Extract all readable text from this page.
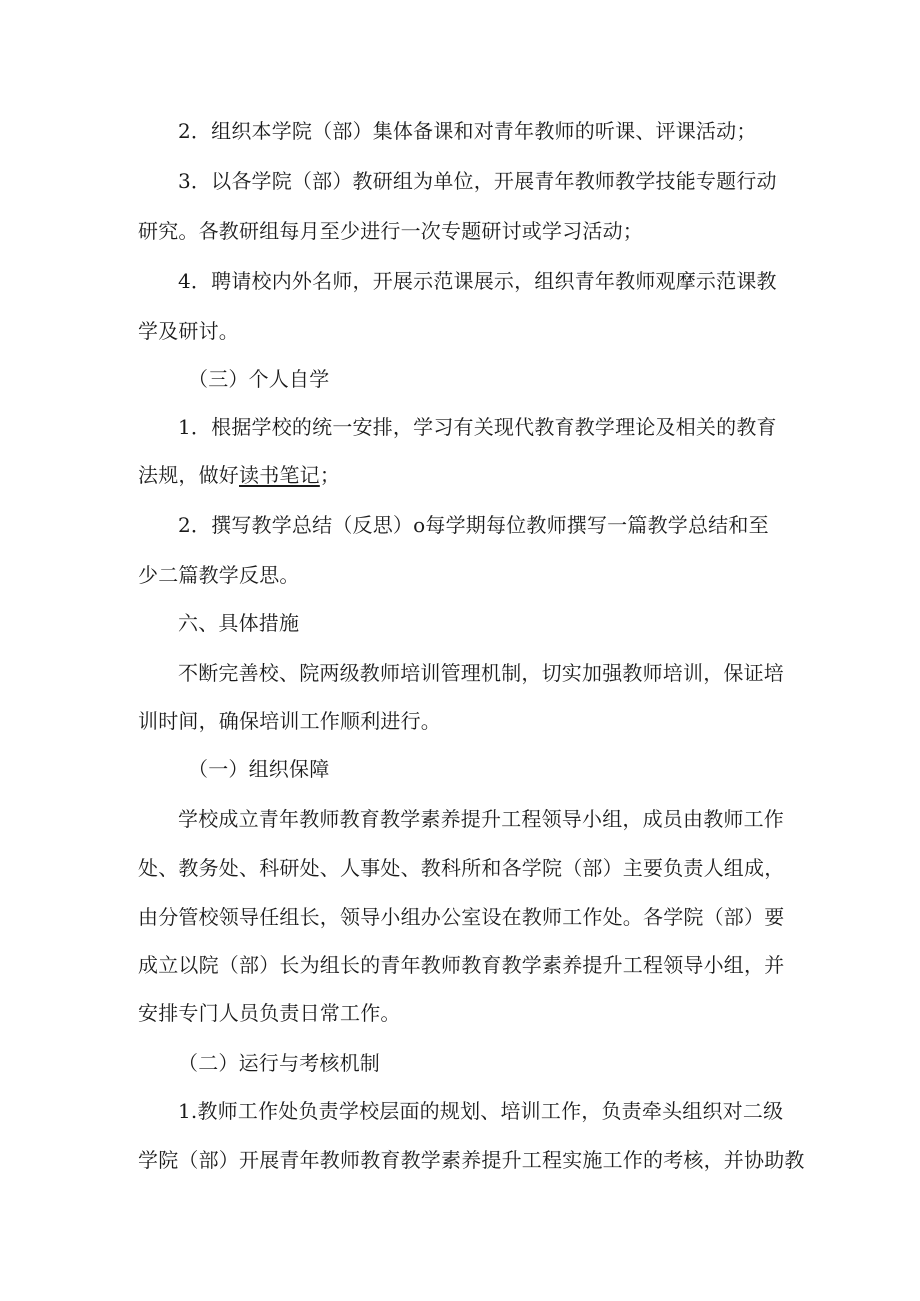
2．组织本学院（部）集体备课和对青年教师的听课、评课活动；
3．以各学院（部）教研组为单位，开展青年教师教学技能专题行动
研究。各教研组每月至少进行一次专题研讨或学习活动；
4．聘请校内外名师，开展示范课展示，组织青年教师观摩示范课教
学及研讨。
（三）个人自学
1．根据学校的统一安排，学习有关现代教育教学理论及相关的教育
法规，做好读书笔记；
2．撰写教学总结（反思）o每学期每位教师撰写一篇教学总结和至
少二篇教学反思。
六、具体措施
不断完善校、院两级教师培训管理机制，切实加强教师培训，保证培
训时间，确保培训工作顺利进行。
（一）组织保障
学校成立青年教师教育教学素养提升工程领导小组，成员由教师工作
处、教务处、科研处、人事处、教科所和各学院（部）主要负责人组成，
由分管校领导任组长，领导小组办公室设在教师工作处。各学院（部）要
成立以院（部）长为组长的青年教师教育教学素养提升工程领导小组，并
安排专门人员负责日常工作。
（二）运行与考核机制
1.教师工作处负责学校层面的规划、培训工作，负责牵头组织对二级
学院（部）开展青年教师教育教学素养提升工程实施工作的考核，并协助教
